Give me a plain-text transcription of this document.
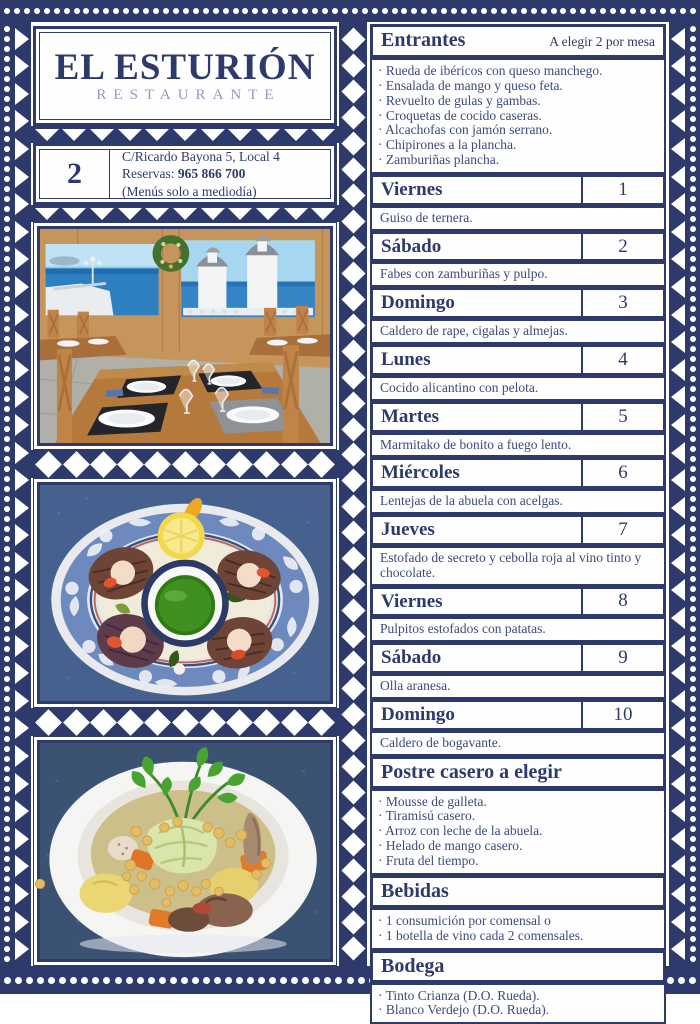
EL ESTURIÓN
RESTAURANTE
2
C/Ricardo Bayona 5, Local 4
Reservas: 965 866 700
(Menús solo a mediodía)
Entrantes	A elegir 2 por mesa
· Rueda de ibéricos con queso manchego.
· Ensalada de mango y queso feta.
· Revuelto de gulas y gambas.
· Croquetas de cocido caseras.
· Alcachofas con jamón serrano.
· Chipirones a la plancha.
· Zamburiñas plancha.
Viernes	1
Guiso de ternera.
Sábado	2
Fabes con zamburiñas y pulpo.
Domingo	3
Caldero de rape, cigalas y almejas.
Lunes	4
Cocido alicantino con pelota.
Martes	5
Marmitako de bonito a fuego lento.
Miércoles	6
Lentejas de la abuela con acelgas.
Jueves	7
Estofado de secreto y cebolla roja al vino tinto y chocolate.
Viernes	8
Pulpitos estofados con patatas.
Sábado	9
Olla aranesa.
Domingo	10
Caldero de bogavante.
Postre casero a elegir
· Mousse de galleta.
· Tiramisú casero.
· Arroz con leche de la abuela.
· Helado de mango casero.
· Fruta del tiempo.
Bebidas
· 1 consumición por comensal o
· 1 botella de vino cada 2 comensales.
Bodega
· Tinto Crianza (D.O. Rueda).
· Blanco Verdejo (D.O. Rueda).
